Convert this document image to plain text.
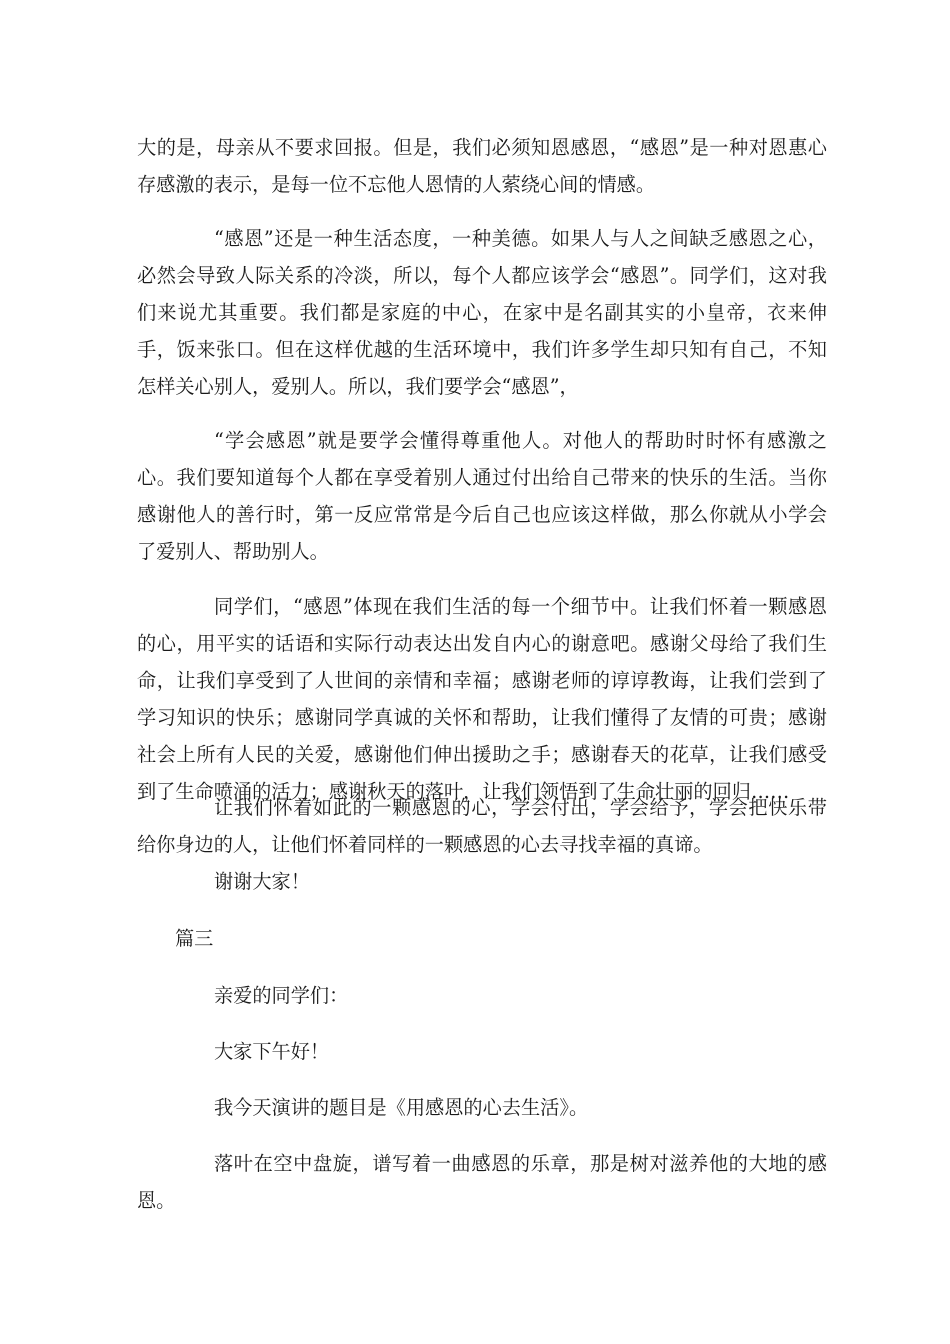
大的是，母亲从不要求回报。但是，我们必须知恩感恩，“感恩”是一种对恩惠心存感激的表示，是每一位不忘他人恩情的人萦绕心间的情感。

“感恩”还是一种生活态度，一种美德。如果人与人之间缺乏感恩之心，必然会导致人际关系的冷淡，所以，每个人都应该学会“感恩”。同学们，这对我们来说尤其重要。我们都是家庭的中心，在家中是名副其实的小皇帝，衣来伸手，饭来张口。但在这样优越的生活环境中，我们许多学生却只知有自己，不知怎样关心别人，爱别人。所以，我们要学会“感恩”，

“学会感恩”就是要学会懂得尊重他人。对他人的帮助时时怀有感激之心。我们要知道每个人都在享受着别人通过付出给自己带来的快乐的生活。当你感谢他人的善行时，第一反应常常是今后自己也应该这样做，那么你就从小学会了爱别人、帮助别人。

同学们，“感恩”体现在我们生活的每一个细节中。让我们怀着一颗感恩的心，用平实的话语和实际行动表达出发自内心的谢意吧。感谢父母给了我们生命，让我们享受到了人世间的亲情和幸福；感谢老师的谆谆教诲，让我们尝到了学习知识的快乐；感谢同学真诚的关怀和帮助，让我们懂得了友情的可贵；感谢社会上所有人民的关爱，感谢他们伸出援助之手；感谢春天的花草，让我们感受到了生命喷涌的活力；感谢秋天的落叶，让我们领悟到了生命壮丽的回归……

让我们怀着如此的一颗感恩的心，学会付出，学会给予，学会把快乐带给你身边的人，让他们怀着同样的一颗感恩的心去寻找幸福的真谛。

谢谢大家！

篇三

亲爱的同学们：

大家下午好！

我今天演讲的题目是《用感恩的心去生活》。

落叶在空中盘旋，谱写着一曲感恩的乐章，那是树对滋养他的大地的感恩。
